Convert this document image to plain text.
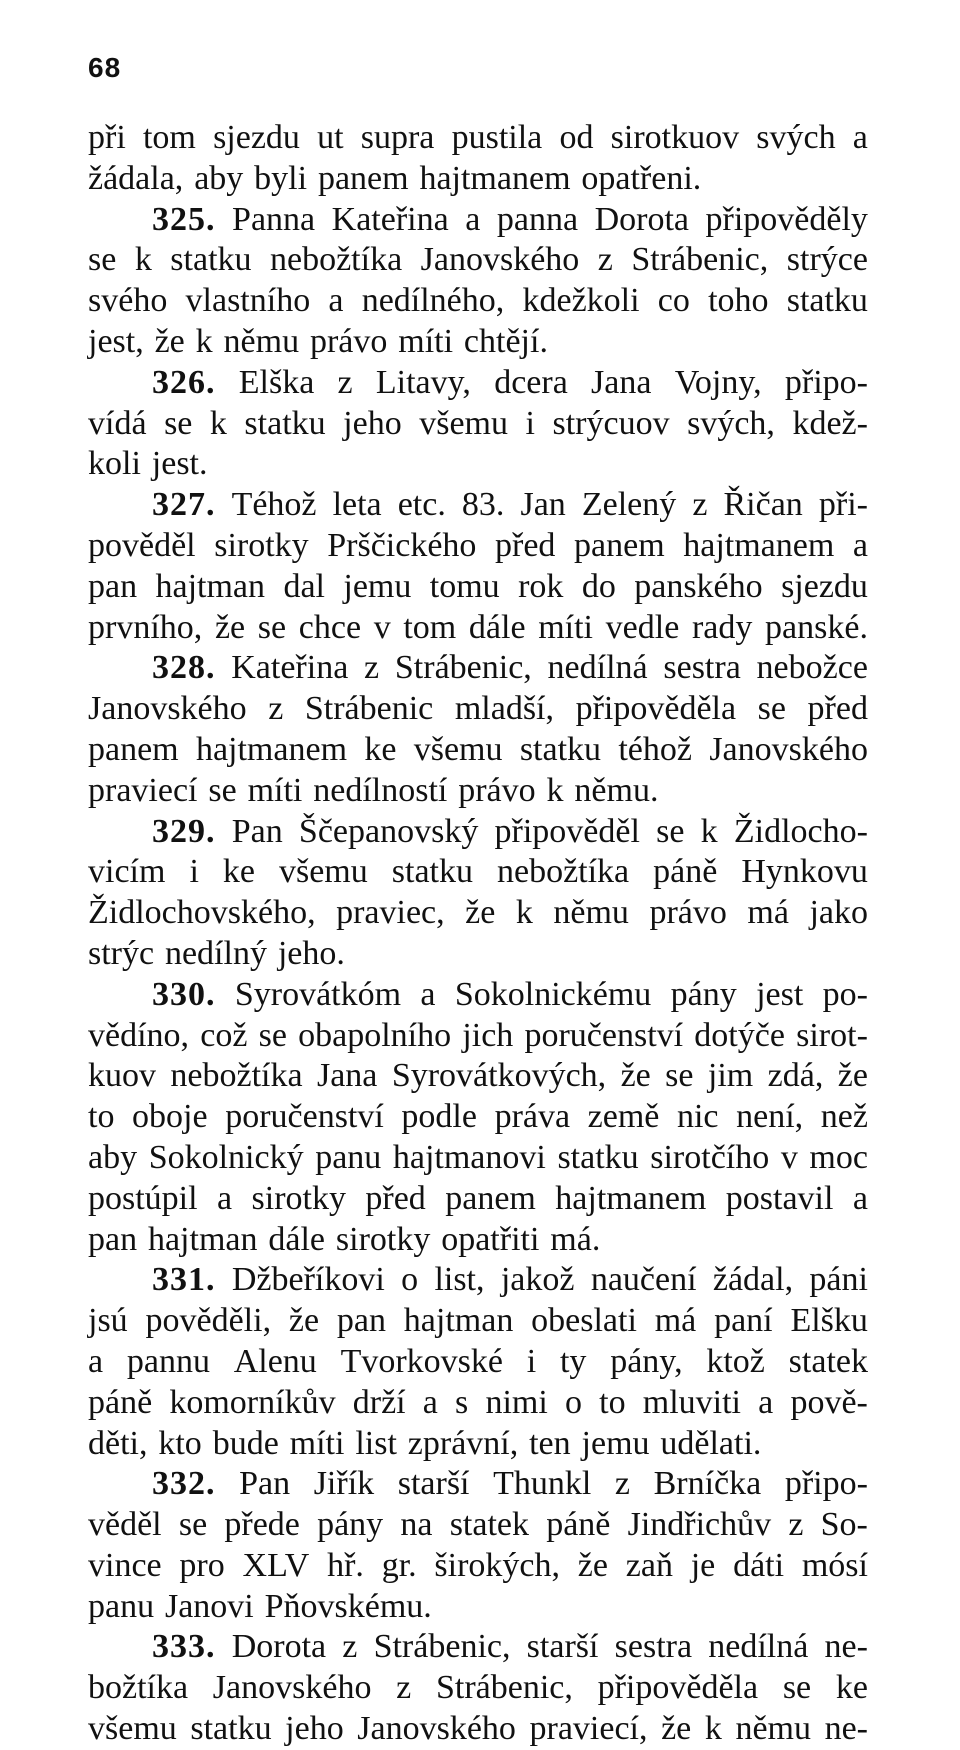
68
při tom sjezdu ut supra pustila od sirotkuov svých a
žádala, aby byli panem hajtmanem opatřeni.
325. Panna Kateřina a panna Dorota připověděly
se k statku nebožtíka Janovského z Strábenic, strýce
svého vlastního a nedílného, kdežkoli co toho statku
jest, že k němu právo míti chtějí.
326. Elška z Litavy, dcera Jana Vojny, připo-
vídá se k statku jeho všemu i strýcuov svých, kdež-
koli jest.
327. Téhož leta etc. 83. Jan Zelený z Řičan při-
pověděl sirotky Prščického před panem hajtmanem a
pan hajtman dal jemu tomu rok do panského sjezdu
prvního, že se chce v tom dále míti vedle rady panské.
328. Kateřina z Strábenic, nedílná sestra nebožce
Janovského z Strábenic mladší, připověděla se před
panem hajtmanem ke všemu statku téhož Janovského
praviecí se míti nedílností právo k němu.
329. Pan Ščepanovský připověděl se k Židlocho-
vicím i ke všemu statku nebožtíka páně Hynkovu
Židlochovského, praviec, že k němu právo má jako
strýc nedílný jeho.
330. Syrovátkóm a Sokolnickému pány jest po-
vědíno, což se obapolního jich poručenství dotýče sirot-
kuov nebožtíka Jana Syrovátkových, že se jim zdá, že
to oboje poručenství podle práva země nic není, než
aby Sokolnický panu hajtmanovi statku sirotčího v moc
postúpil a sirotky před panem hajtmanem postavil a
pan hajtman dále sirotky opatřiti má.
331. Džbeříkovi o list, jakož naučení žádal, páni
jsú pověděli, že pan hajtman obeslati má paní Elšku
a pannu Alenu Tvorkovské i ty pány, ktož statek
páně komorníkův drží a s nimi o to mluviti a pově-
děti, kto bude míti list zprávní, ten jemu udělati.
332. Pan Jiřík starší Thunkl z Brníčka připo-
věděl se přede pány na statek páně Jindřichův z So-
vince pro XLV hř. gr. širokých, že zaň je dáti mósí
panu Janovi Pňovskému.
333. Dorota z Strábenic, starší sestra nedílná ne-
božtíka Janovského z Strábenic, připověděla se ke
všemu statku jeho Janovského praviecí, že k němu ne-
